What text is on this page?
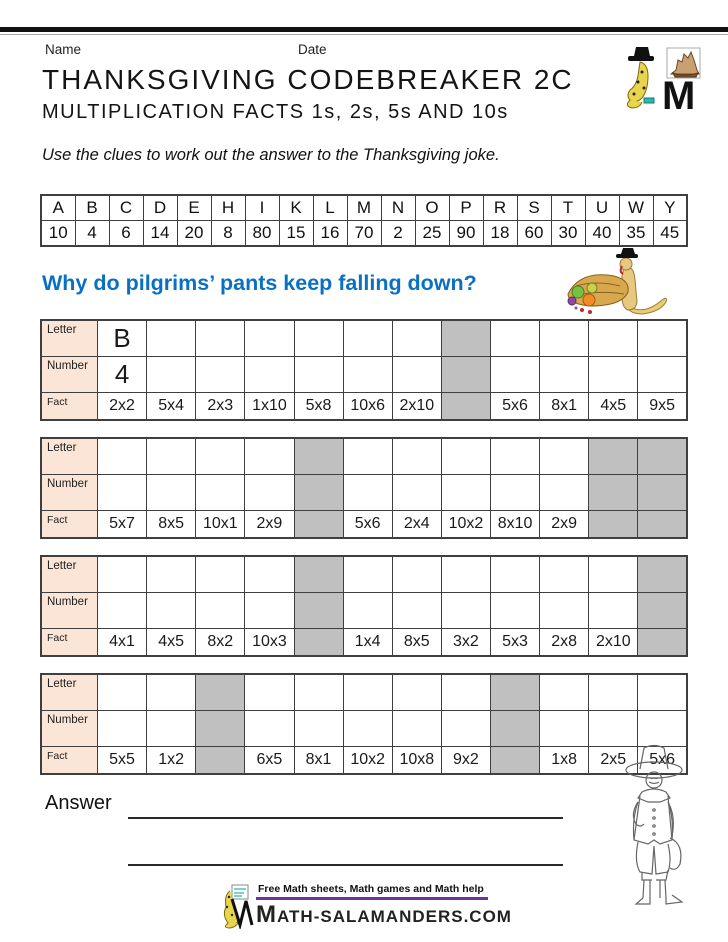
Name	Date
M
THANKSGIVING CODEBREAKER 2C
MULTIPLICATION FACTS 1s, 2s, 5s AND 10s
Use the clues to work out the answer to the Thanksgiving joke.
A	B	C	D	E	H	I	K	L	M	N	O	P	R	S	T	U	W	Y
10	4	6	14	20	8	80	15	16	70	2	25	90	18	60	30	40	35	45
Why do pilgrims’ pants keep falling down?
Letter	B											
Number	4											
Fact	2x2	5x4	2x3	1x10	5x8	10x6	2x10		5x6	8x1	4x5	9x5
Letter												
Number												
Fact	5x7	8x5	10x1	2x9		5x6	2x4	10x2	8x10	2x9		
Letter												
Number												
Fact	4x1	4x5	8x2	10x3		1x4	8x5	3x2	5x3	2x8	2x10	
Letter												
Number												
Fact	5x5	1x2		6x5	8x1	10x2	10x8	9x2		1x8	2x5	5x6
Answer
Free Math sheets, Math games and Math help
MATH-SALAMANDERS.COM
